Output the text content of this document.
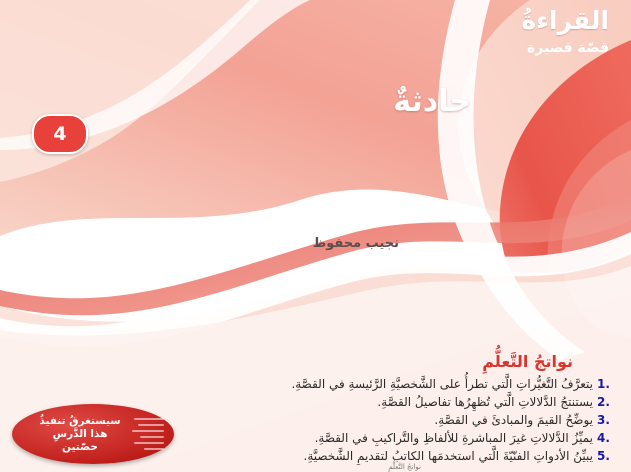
القراءةُ
قصّة قصيرة
حادثةٌ
نجيب محفوظ
4
نواتجُ التَّعلُّمِ
1.
يتعرَّفُ التَّغيُّراتِ الَّتي تطرأُ على الشَّخصيَّةِ الرَّئيسةِ في القصَّةِ.
2.
يستنتجُ الدَّلالاتِ الَّتي تُظهِرُها تفاصيلُ القصَّةِ.
3.
يوضِّحُ القيمَ والمبادئَ في القصَّةِ.
4.
يميِّزُ الدَّلالاتِ غيرَ المباشرةِ للألفاظِ والتَّراكيبِ في القصَّةِ.
5.
يبيِّنُ الأدواتِ الفنّيّةَ الَّتي استخدمَها الكاتبُ لتقديمِ الشَّخصيَّةِ.
سيستغرقُ تنفيذُ
هذا الدَّرسِ
حصّتين
نواتجُ التَّعلُّمِ
